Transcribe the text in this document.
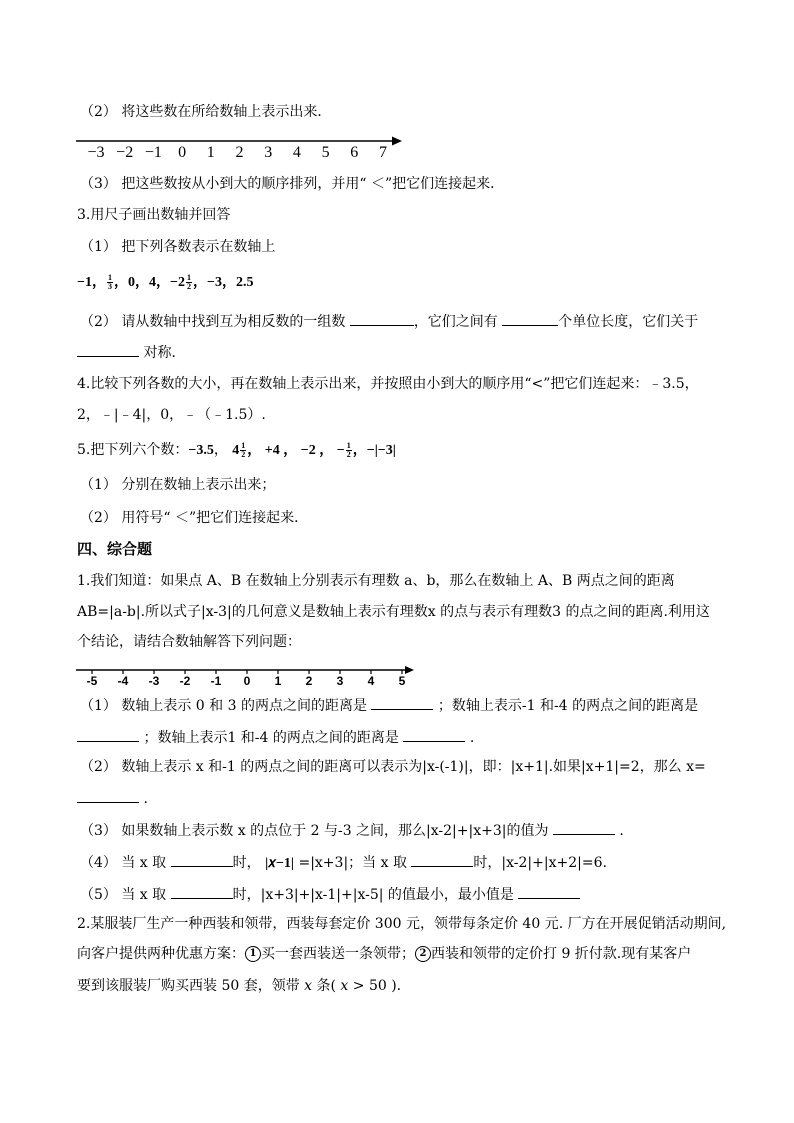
（2） 将这些数在所给数轴上表示出来．
−3 −2 −1 0 1 2 3 4 5 6 7
（3） 把这些数按从小到大的顺序排列，并用“ ＜”把它们连接起来．
3.用尺子画出数轴并回答
（1） 把下列各数表示在数轴上
−1， $\frac{1}{3}$ ，0，4，$-2 \frac{1}{2}$ ，−3，2.5
（2） 请从数轴中找到互为相反数的一组数	，它们之间有	个单位长度，它们关于
对称．
4.比较下列各数的大小，再在数轴上表示出来，并按照由小到大的顺序用“<”把它们连起来：﹣3.5，
2，﹣|﹣4|，0，﹣（﹣1.5）.
5.把下列六个数：−3.5， $4 \frac{1}{2}$ ， +4 ， −2 ， − $\frac{1}{2}$ ，−|−3|
（1） 分别在数轴上表示出来；
（2） 用符号“ ＜”把它们连接起来．
四、综合题
1.我们知道：如果点 A、B 在数轴上分别表示有理数 a、b，那么在数轴上 A、B 两点之间的距离
AB=|a-b|.所以式子|x-3|的几何意义是数轴上表示有理数x 的点与表示有理数3 的点之间的距离.利用这
个结论，请结合数轴解答下列问题：
-5 -4 -3 -2 -1 0 1 2 3 4 5
（1） 数轴上表示 0 和 3 的两点之间的距离是	；数轴上表示-1 和-4 的两点之间的距离是
；数轴上表示1 和-4 的两点之间的距离是	.
（2） 数轴上表示 x 和-1 的两点之间的距离可以表示为|x-(-1)|，即：|x+1|.如果|x+1|=2，那么 x=
.
（3） 如果数轴上表示数 x 的点位于 2 与-3 之间，那么|x-2|+|x+3|的值为	.
（4） 当 x 取	时， |𝑥−1| =|x+3|；当 x 取	时，|x-2|+|x+2|=6.
（5） 当 x 取	时，|x+3|+|x-1|+|x-5| 的值最小，最小值是
2.某服装厂生产一种西装和领带，西装每套定价 300 元，领带每条定价 40 元. 厂方在开展促销活动期间,
向客户提供两种优惠方案： 1 买一套西装送一条领带； 2 西装和领带的定价打 9 折付款.现有某客户
要到该服装厂购买西装 50 套，领带 𝑥 条( 𝑥 > 50 ).
